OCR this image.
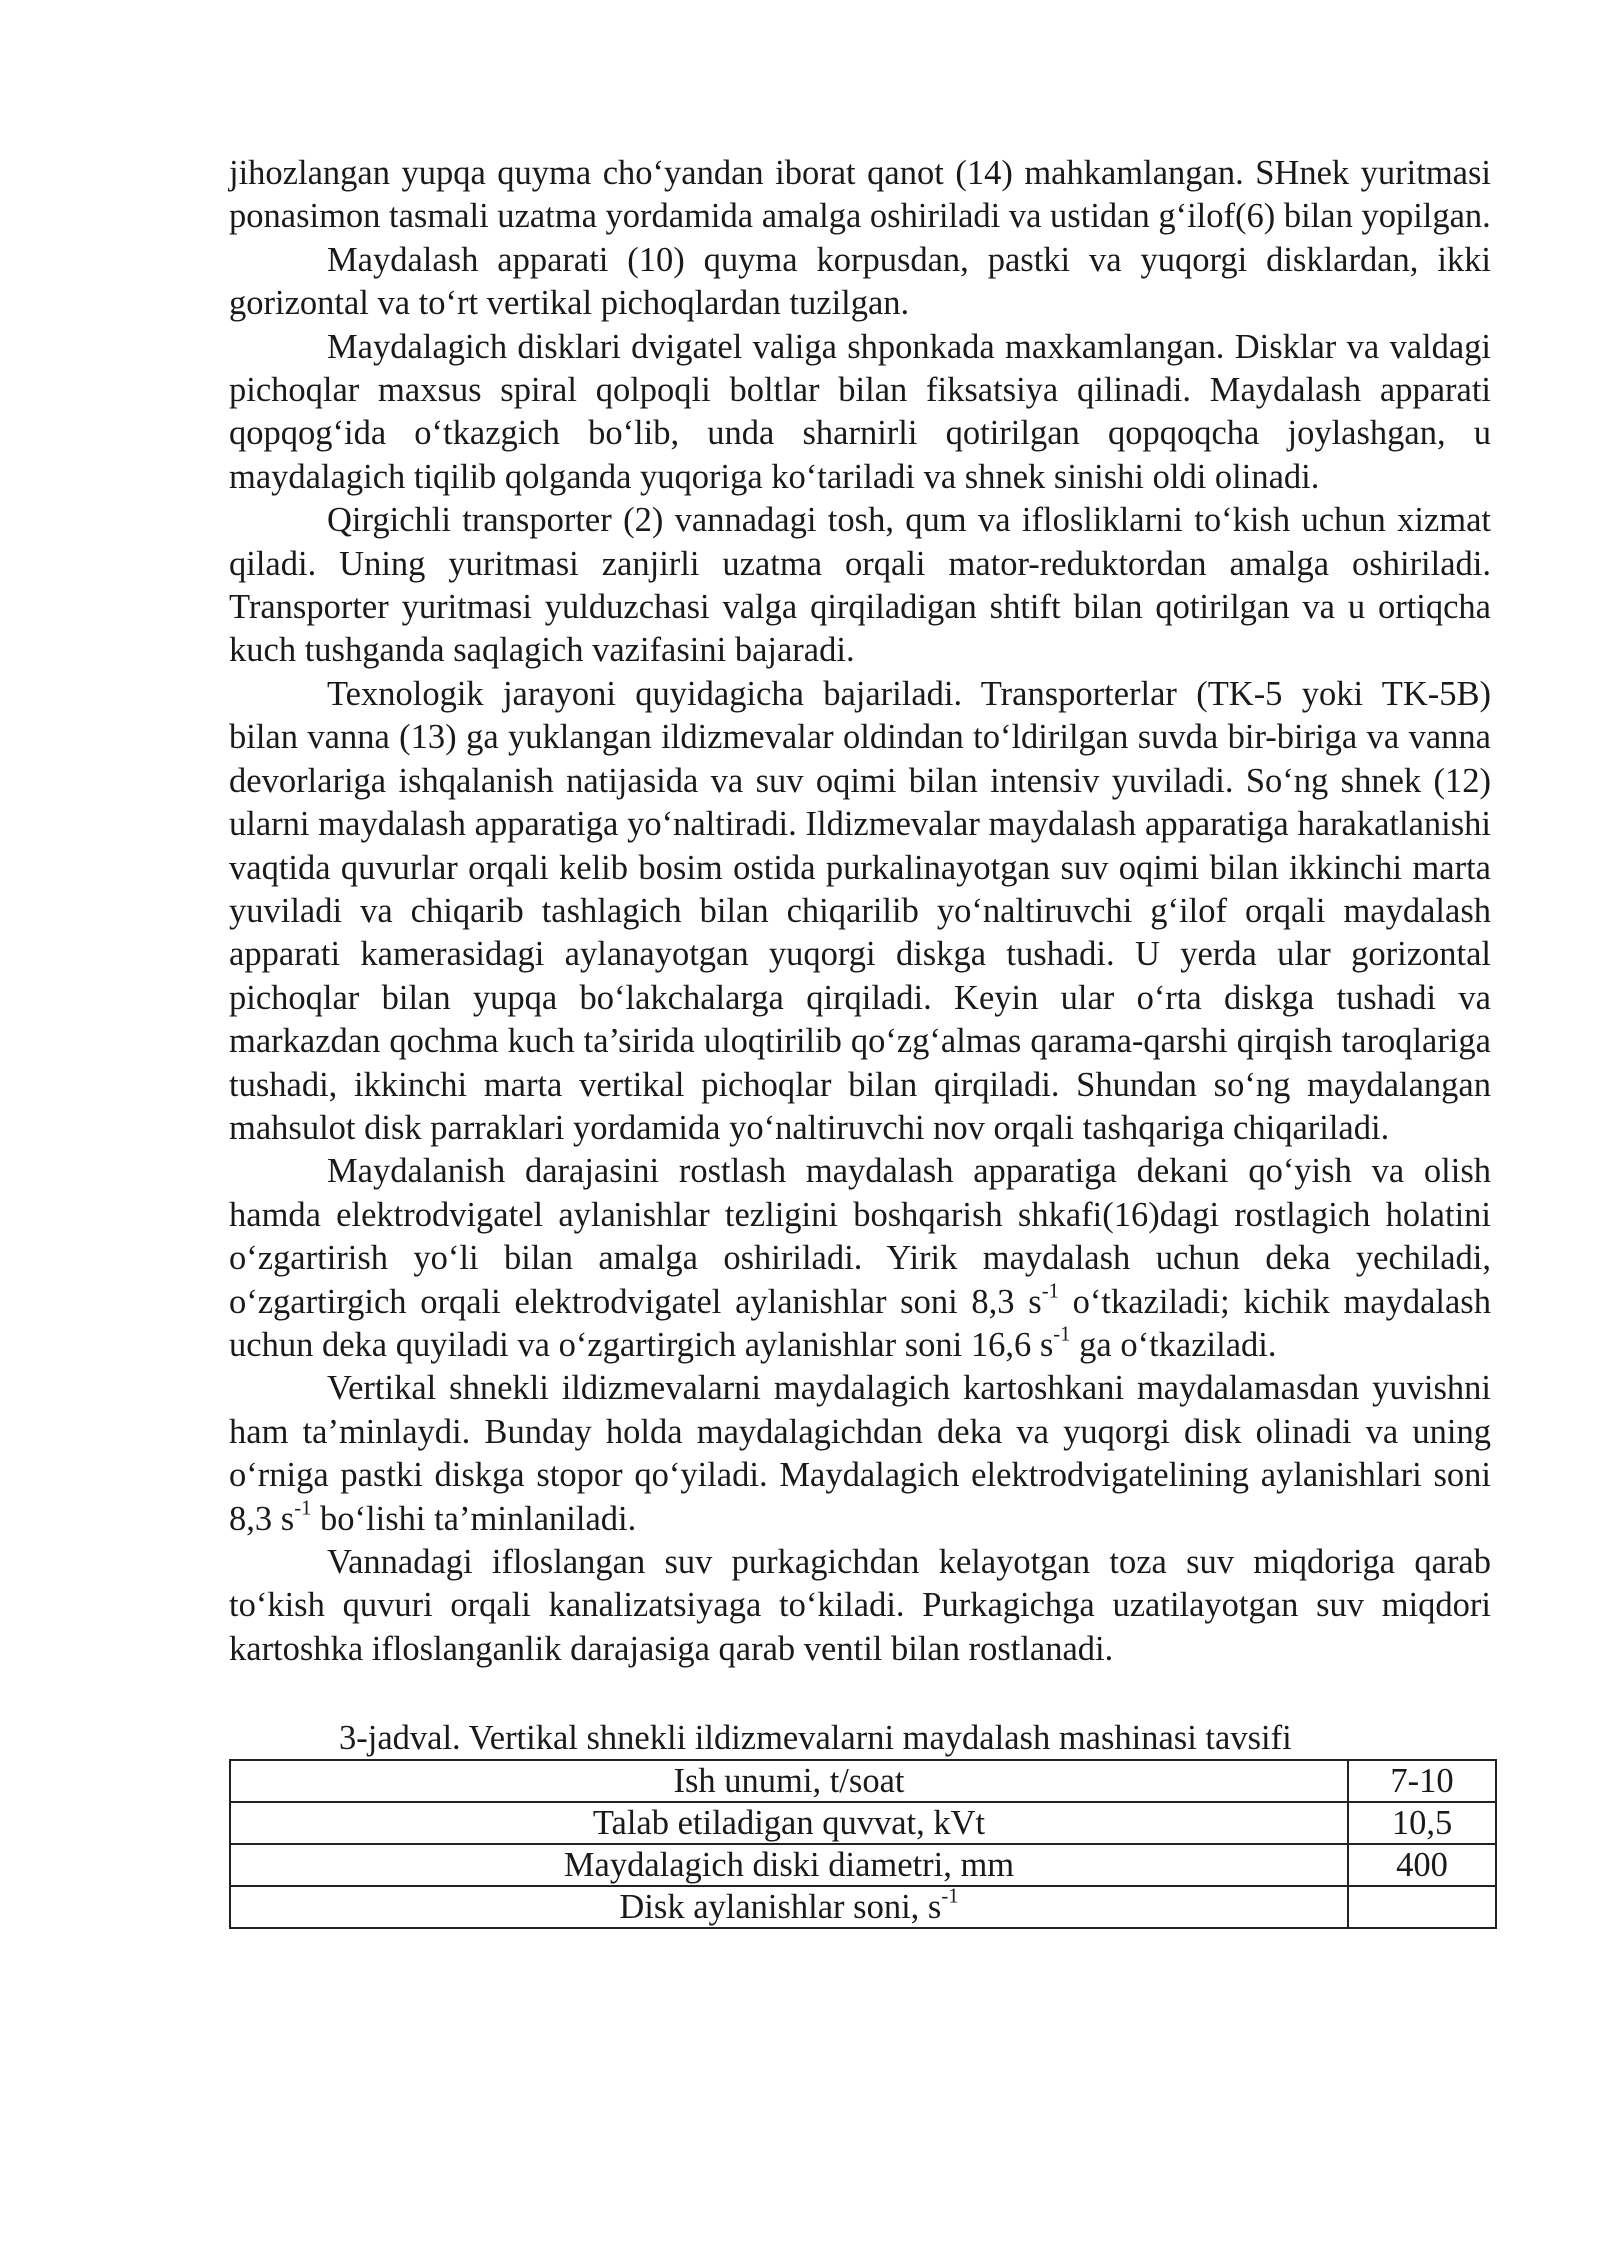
jihozlangan yupqa quyma cho‘yandan iborat qanot (14) mahkamlangan. SHnek yuritmasi ponasimon tasmali uzatma yordamida amalga oshiriladi va ustidan g‘ilof(6) bilan yopilgan.

Maydalash apparati (10) quyma korpusdan, pastki va yuqorgi disklardan, ikki gorizontal va to‘rt vertikal pichoqlardan tuzilgan.

Maydalagich disklari dvigatel valiga shponkada maxkamlangan. Disklar va valdagi pichoqlar maxsus spiral qolpoqli boltlar bilan fiksatsiya qilinadi. Maydalash apparati qopqog‘ida o‘tkazgich bo‘lib, unda sharnirli qotirilgan qopqoqcha joylashgan, u maydalagich tiqilib qolganda yuqoriga ko‘tariladi va shnek sinishi oldi olinadi.

Qirgichli transporter (2) vannadagi tosh, qum va iflosliklarni to‘kish uchun xizmat qiladi. Uning yuritmasi zanjirli uzatma orqali mator-reduktordan amalga oshiriladi. Transporter yuritmasi yulduzchasi valga qirqiladigan shtift bilan qotirilgan va u ortiqcha kuch tushganda saqlagich vazifasini bajaradi.

Texnologik jarayoni quyidagicha bajariladi. Transporterlar (TK-5 yoki TK-5B) bilan vanna (13) ga yuklangan ildizmevalar oldindan to‘ldirilgan suvda bir-biriga va vanna devorlariga ishqalanish natijasida va suv oqimi bilan intensiv yuviladi. So‘ng shnek (12) ularni maydalash apparatiga yo‘naltiradi. Ildizmevalar maydalash apparatiga harakatlanishi vaqtida quvurlar orqali kelib bosim ostida purkalinayotgan suv oqimi bilan ikkinchi marta yuviladi va chiqarib tashlagich bilan chiqarilib yo‘naltiruvchi g‘ilof orqali maydalash apparati kamerasidagi aylanayotgan yuqorgi diskga tushadi. U yerda ular gorizontal pichoqlar bilan yupqa bo‘lakchalarga qirqiladi. Keyin ular o‘rta diskga tushadi va markazdan qochma kuch ta’sirida uloqtirilib qo‘zg‘almas qarama-qarshi qirqish taroqlariga tushadi, ikkinchi marta vertikal pichoqlar bilan qirqiladi. Shundan so‘ng maydalangan mahsulot disk parraklari yordamida yo‘naltiruvchi nov orqali tashqariga chiqariladi.

Maydalanish darajasini rostlash maydalash apparatiga dekani qo‘yish va olish hamda elektrodvigatel aylanishlar tezligini boshqarish shkafi(16)dagi rostlagich holatini o‘zgartirish yo‘li bilan amalga oshiriladi. Yirik maydalash uchun deka yechiladi, o‘zgartirgich orqali elektrodvigatel aylanishlar soni 8,3 $s^{-1}$ o‘tkaziladi; kichik maydalash uchun deka quyiladi va o‘zgartirgich aylanishlar soni 16,6 $s^{-1}$ ga o‘tkaziladi.

Vertikal shnekli ildizmevalarni maydalagich kartoshkani maydalamasdan yuvishni ham ta’minlaydi. Bunday holda maydalagichdan deka va yuqorgi disk olinadi va uning o‘rniga pastki diskga stopor qo‘yiladi. Maydalagich elektrodvigatelining aylanishlari soni 8,3 $s^{-1}$ bo‘lishi ta’minlaniladi.

Vannadagi ifloslangan suv purkagichdan kelayotgan toza suv miqdoriga qarab to‘kish quvuri orqali kanalizatsiyaga to‘kiladi. Purkagichga uzatilayotgan suv miqdori kartoshka ifloslanganlik darajasiga qarab ventil bilan rostlanadi.

3-jadval. Vertikal shnekli ildizmevalarni maydalash mashinasi tavsifi
Ish unumi, t/soat	7-10
Talab etiladigan quvvat, kVt	10,5
Maydalagich diski diametri, mm	400
Disk aylanishlar soni, $s^{-1}$	
